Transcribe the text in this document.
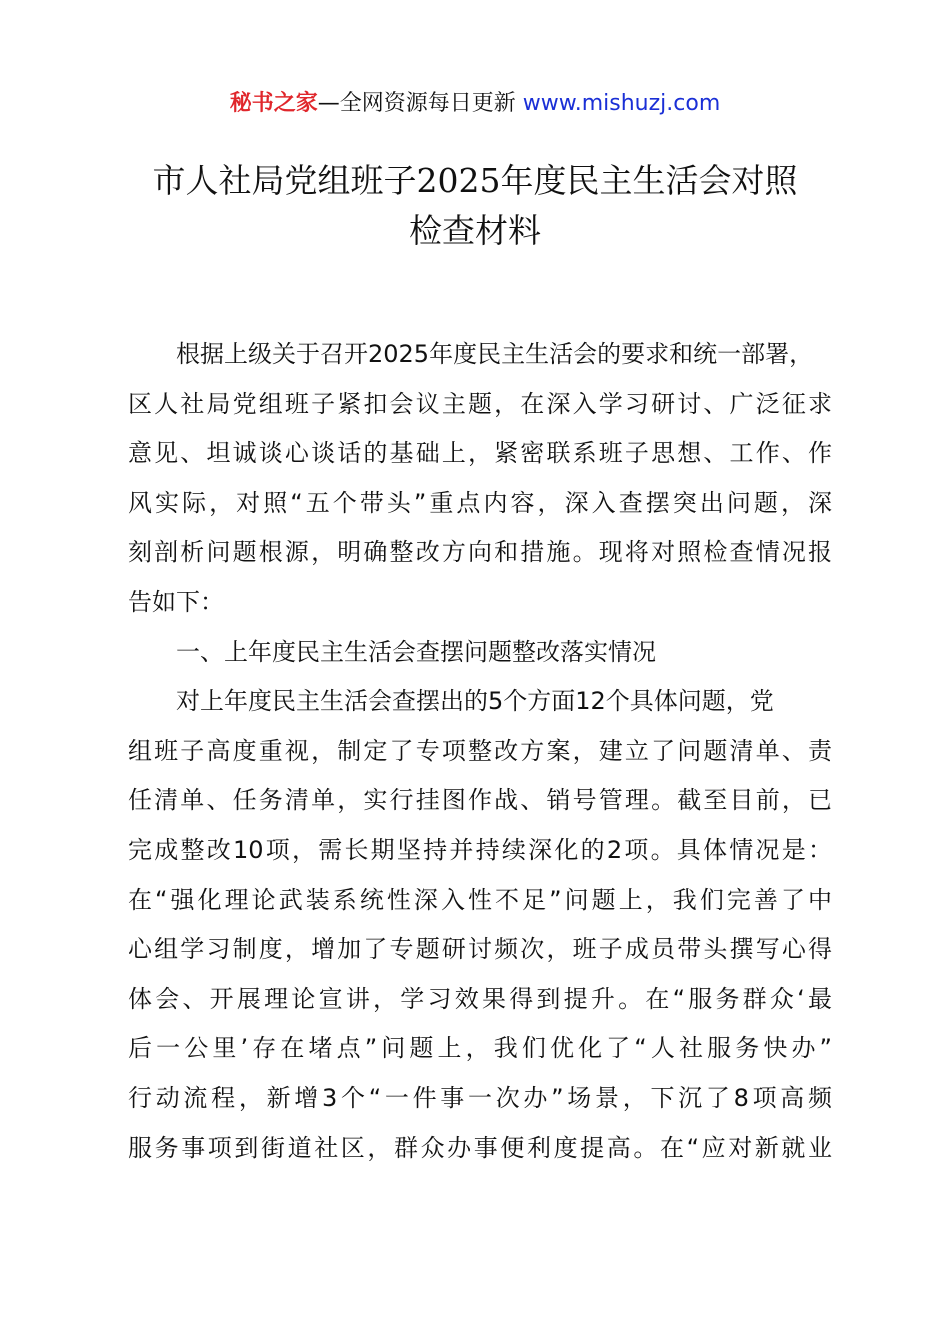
秘书之家—全网资源每日更新 www.mishuzj.com
市人社局党组班子2025年度民主生活会对照
检查材料
根据上级关于召开2025年度民主生活会的要求和统一部署，
区人社局党组班子紧扣会议主题，在深入学习研讨、广泛征求
意见、坦诚谈心谈话的基础上，紧密联系班子思想、工作、作
风实际，对照“五个带头”重点内容，深入查摆突出问题，深
刻剖析问题根源，明确整改方向和措施。现将对照检查情况报
告如下：
一、上年度民主生活会查摆问题整改落实情况
对上年度民主生活会查摆出的5个方面12个具体问题，党
组班子高度重视，制定了专项整改方案，建立了问题清单、责
任清单、任务清单，实行挂图作战、销号管理。截至目前，已
完成整改10项，需长期坚持并持续深化的2项。具体情况是：
在“强化理论武装系统性深入性不足”问题上，我们完善了中
心组学习制度，增加了专题研讨频次，班子成员带头撰写心得
体会、开展理论宣讲，学习效果得到提升。在“服务群众‘最
后一公里’存在堵点”问题上，我们优化了“人社服务快办”
行动流程，新增3个“一件事一次办”场景，下沉了8项高频
服务事项到街道社区，群众办事便利度提高。在“应对新就业
